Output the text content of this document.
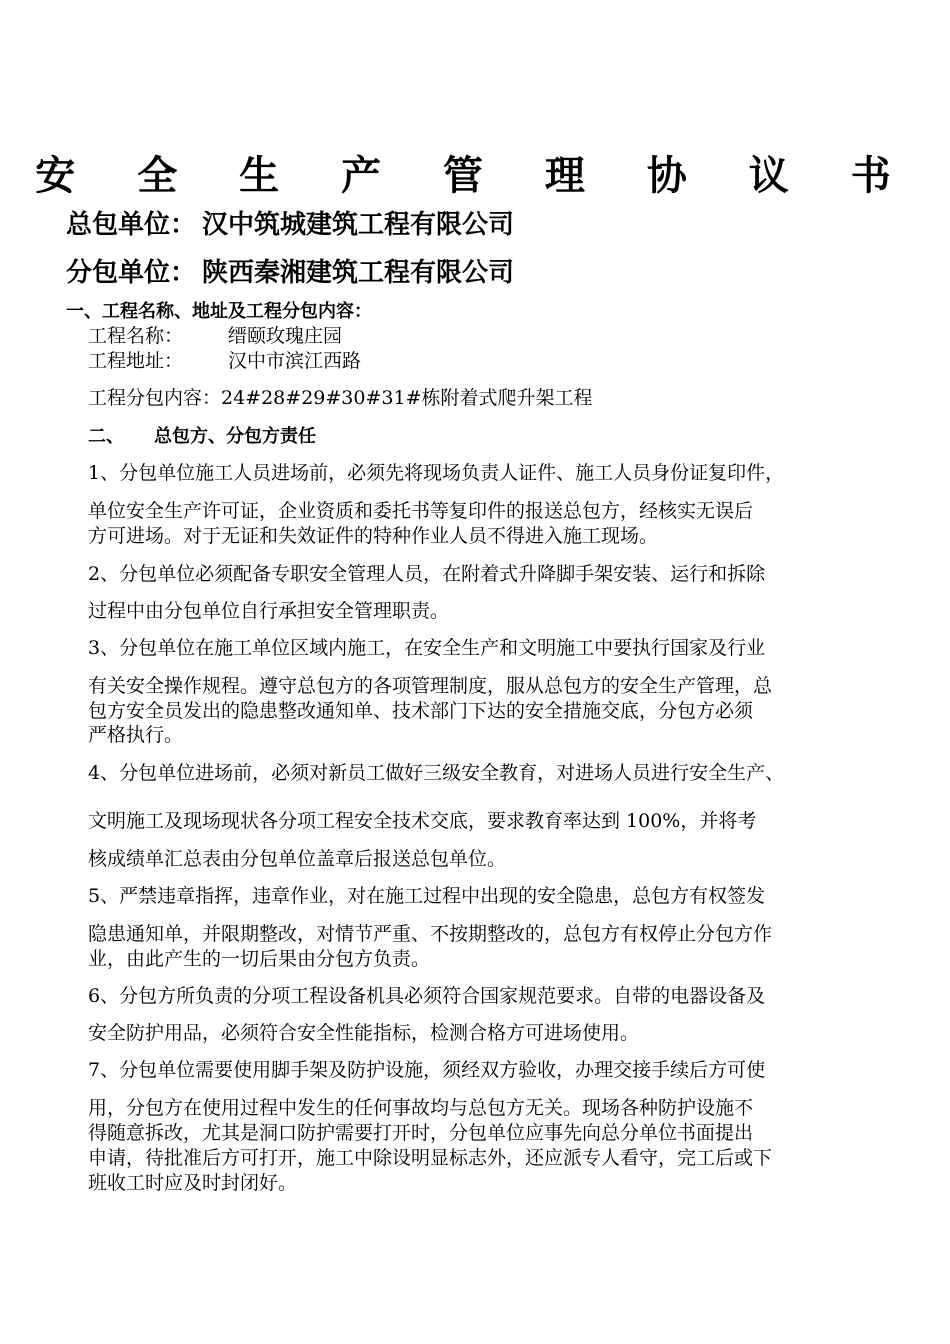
安 全 生 产 管 理 协 议 书
总包单位： 汉中筑城建筑工程有限公司
分包单位： 陕西秦湘建筑工程有限公司
一、工程名称、地址及工程分包内容：
工程名称： 缙颐玫瑰庄园
工程地址： 汉中市滨江西路
工程分包内容：24#28#29#30#31#栋附着式爬升架工程
二、 总包方、分包方责任
1、分包单位施工人员进场前，必须先将现场负责人证件、施工人员身份证复印件，
单位安全生产许可证，企业资质和委托书等复印件的报送总包方，经核实无误后
方可进场。对于无证和失效证件的特种作业人员不得进入施工现场。
2、分包单位必须配备专职安全管理人员，在附着式升降脚手架安装、运行和拆除
过程中由分包单位自行承担安全管理职责。
3、分包单位在施工单位区域内施工，在安全生产和文明施工中要执行国家及行业
有关安全操作规程。遵守总包方的各项管理制度，服从总包方的安全生产管理，总
包方安全员发出的隐患整改通知单、技术部门下达的安全措施交底，分包方必须
严格执行。
4、分包单位进场前，必须对新员工做好三级安全教育，对进场人员进行安全生产、
文明施工及现场现状各分项工程安全技术交底，要求教育率达到 100%，并将考
核成绩单汇总表由分包单位盖章后报送总包单位。
5、严禁违章指挥，违章作业，对在施工过程中出现的安全隐患，总包方有权签发
隐患通知单，并限期整改，对情节严重、不按期整改的，总包方有权停止分包方作
业，由此产生的一切后果由分包方负责。
6、分包方所负责的分项工程设备机具必须符合国家规范要求。自带的电器设备及
安全防护用品，必须符合安全性能指标，检测合格方可进场使用。
7、分包单位需要使用脚手架及防护设施，须经双方验收，办理交接手续后方可使
用，分包方在使用过程中发生的任何事故均与总包方无关。现场各种防护设施不
得随意拆改，尤其是洞口防护需要打开时，分包单位应事先向总分单位书面提出
申请，待批准后方可打开，施工中除设明显标志外，还应派专人看守，完工后或下
班收工时应及时封闭好。
